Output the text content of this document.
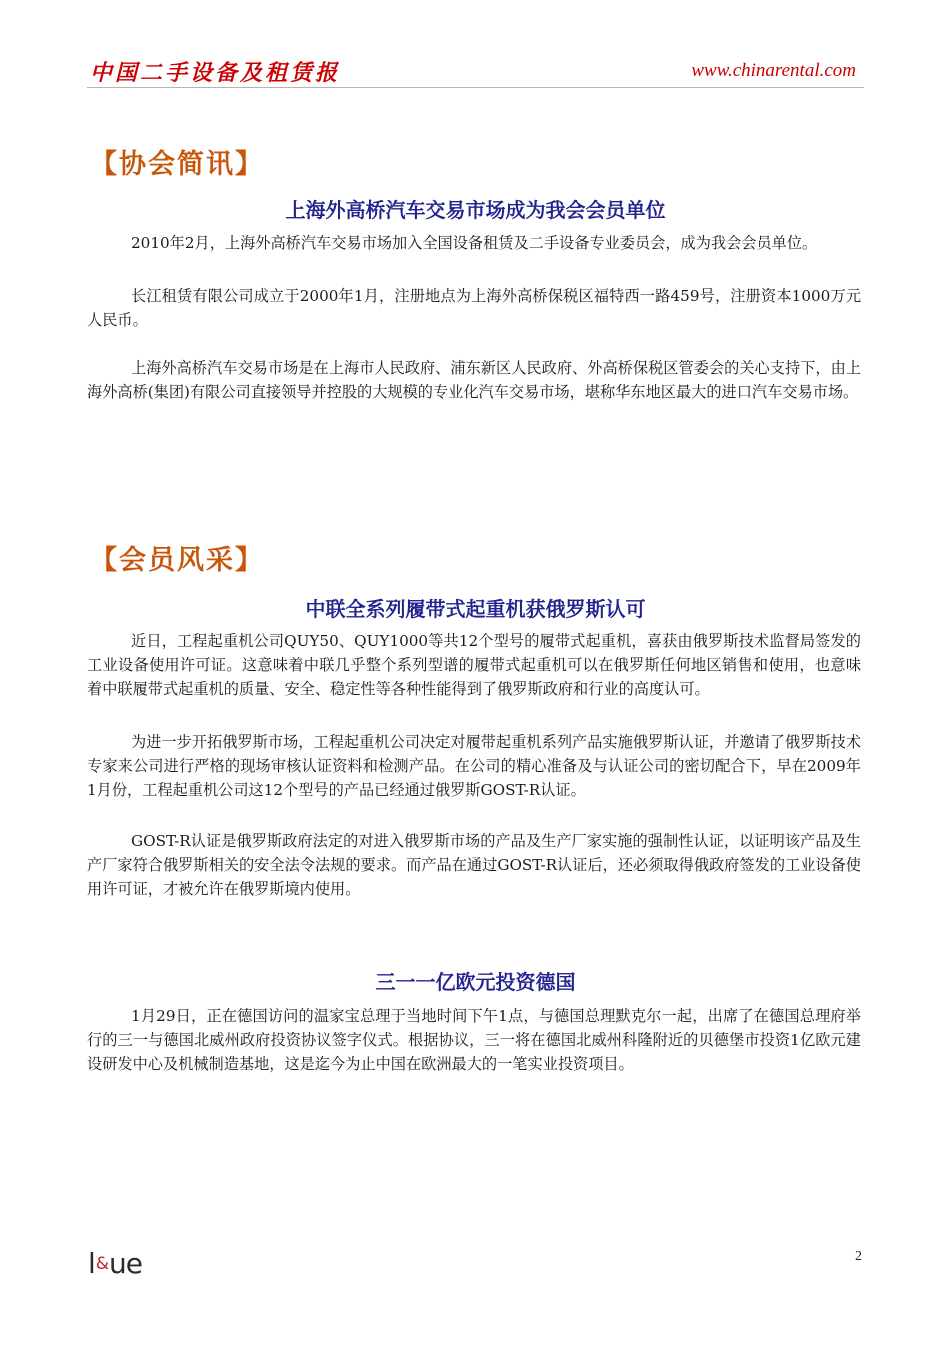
中国二手设备及租赁报	www.chinarental.com
【协会简讯】
上海外高桥汽车交易市场成为我会会员单位
2010年2月，上海外高桥汽车交易市场加入全国设备租赁及二手设备专业委员会，成为我会会员单位。
长江租赁有限公司成立于2000年1月，注册地点为上海外高桥保税区福特西一路459号，注册资本1000万元人民币。
上海外高桥汽车交易市场是在上海市人民政府、浦东新区人民政府、外高桥保税区管委会的关心支持下，由上海外高桥(集团)有限公司直接领导并控股的大规模的专业化汽车交易市场，堪称华东地区最大的进口汽车交易市场。
【会员风采】
中联全系列履带式起重机获俄罗斯认可
近日，工程起重机公司QUY50、QUY1000等共12个型号的履带式起重机，喜获由俄罗斯技术监督局签发的工业设备使用许可证。这意味着中联几乎整个系列型谱的履带式起重机可以在俄罗斯任何地区销售和使用，也意味着中联履带式起重机的质量、安全、稳定性等各种性能得到了俄罗斯政府和行业的高度认可。
为进一步开拓俄罗斯市场，工程起重机公司决定对履带起重机系列产品实施俄罗斯认证，并邀请了俄罗斯技术专家来公司进行严格的现场审核认证资料和检测产品。在公司的精心准备及与认证公司的密切配合下，早在2009年1月份，工程起重机公司这12个型号的产品已经通过俄罗斯GOST-R认证。
GOST-R认证是俄罗斯政府法定的对进入俄罗斯市场的产品及生产厂家实施的强制性认证，以证明该产品及生产厂家符合俄罗斯相关的安全法令法规的要求。而产品在通过GOST-R认证后，还必须取得俄政府签发的工业设备使用许可证，才被允许在俄罗斯境内使用。
三一一亿欧元投资德国
1月29日，正在德国访问的温家宝总理于当地时间下午1点，与德国总理默克尔一起，出席了在德国总理府举行的三一与德国北威州政府投资协议签字仪式。根据协议，三一将在德国北威州科隆附近的贝德堡市投资1亿欧元建设研发中心及机械制造基地，这是迄今为止中国在欧洲最大的一笔实业投资项目。
l&ue	2
